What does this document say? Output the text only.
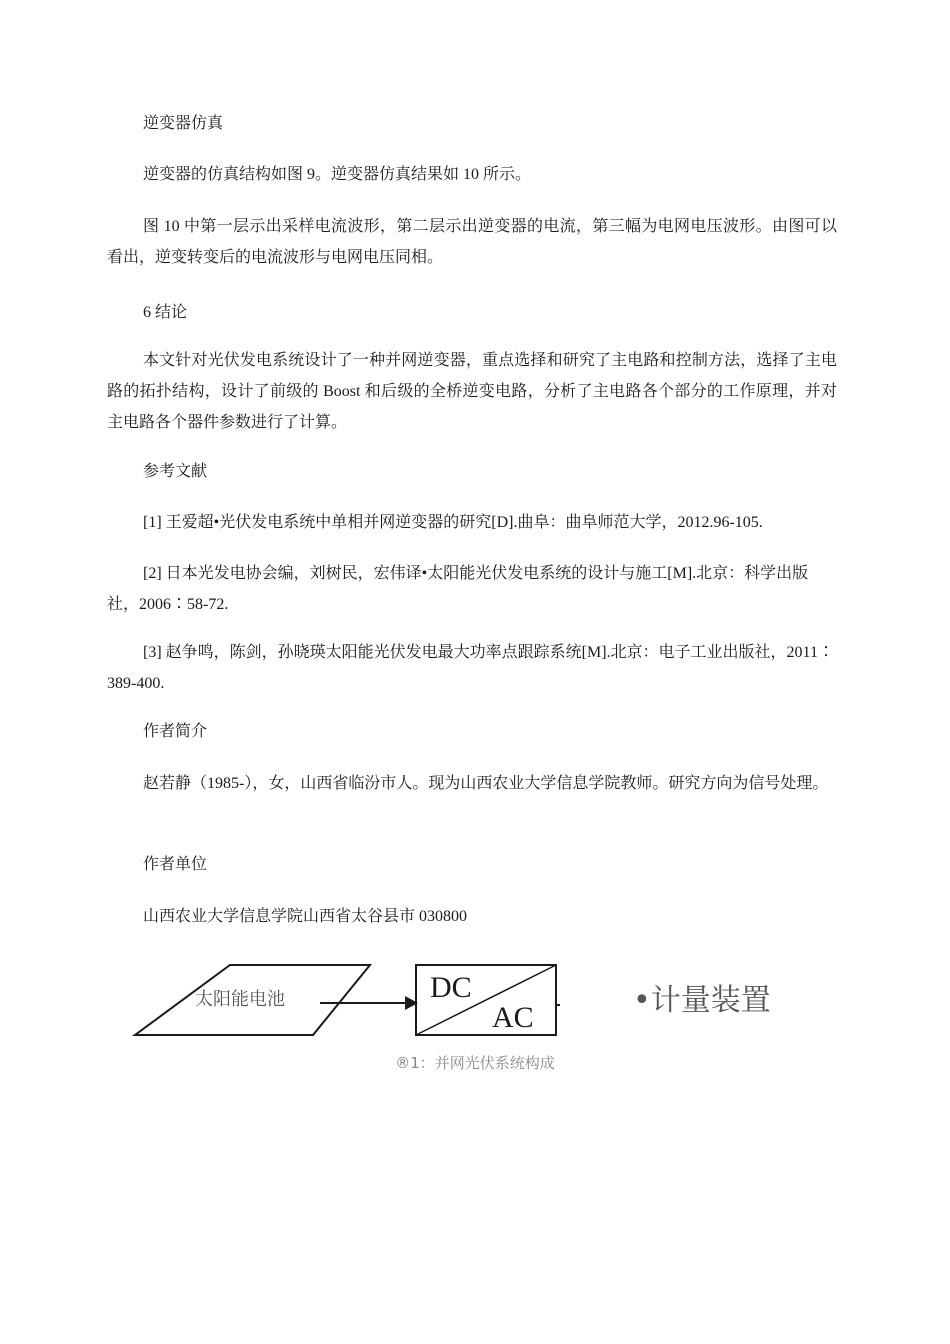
逆变器仿真

逆变器的仿真结构如图 9。逆变器仿真结果如 10 所示。

图 10 中第一层示出采样电流波形，第二层示出逆变器的电流，第三幅为电网电压波形。由图可以看出，逆变转变后的电流波形与电网电压同相。

6 结论

本文针对光伏发电系统设计了一种并网逆变器，重点选择和研究了主电路和控制方法，选择了主电路的拓扑结构，设计了前级的 Boost 和后级的全桥逆变电路，分析了主电路各个部分的工作原理，并对主电路各个器件参数进行了计算。

参考文献

[1] 王爱超•光伏发电系统中单相并网逆变器的研究[D].曲阜：曲阜师范大学，2012.96-105.

[2] 日本光发电协会编，刘树民，宏伟译•太阳能光伏发电系统的设计与施工[M].北京：科学出版社，2006∶58-72.

[3] 赵争鸣，陈剑，孙晓瑛太阳能光伏发电最大功率点跟踪系统[M].北京：电子工业出版社，2011∶389-400.

作者简介

赵若静（1985-），女，山西省临汾市人。现为山西农业大学信息学院教师。研究方向为信号处理。

作者单位

山西农业大学信息学院山西省太谷县市 030800

太阳能电池	DC
AC	•计量装置
®1：并网光伏系统构成
